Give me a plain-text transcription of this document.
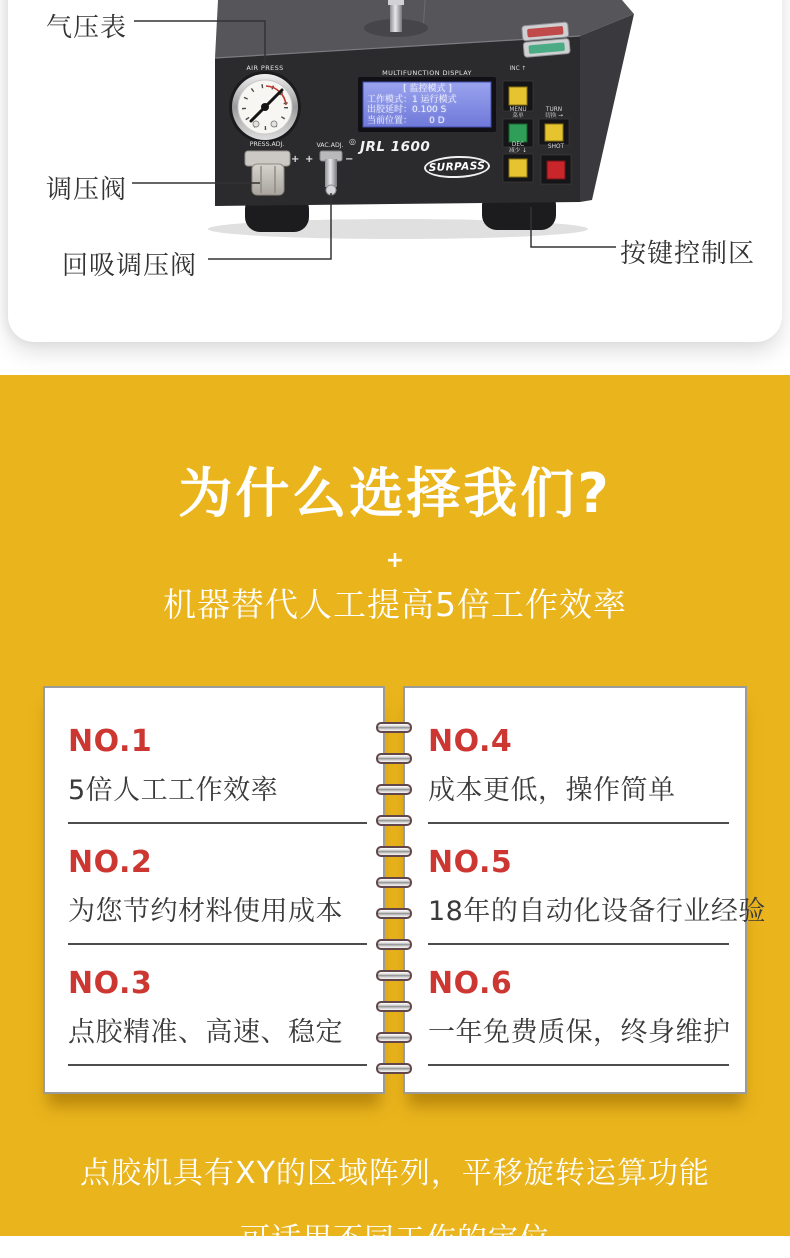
气压表
调压阀
回吸调压阀	按键控制区
AIR PRESS
MULTIFUNCTION DISPLAY
PRESS.ADJ.	VAC.ADJ.
+ +	−
[ 监控模式 ]
工作模式：1 运行模式
出胶延时：0.100 S
当前位置：      0 D
◎ JRL 1600
SURPASS
INC ↑
MENU
菜单
TURN
切换 →
DEC
减少 ↓
SHOT
为什么选择我们?
+
机器替代人工提高5倍工作效率
NO.1
5倍人工工作效率
NO.2
为您节约材料使用成本
NO.3
点胶精准、高速、稳定
NO.4
成本更低，操作简单
NO.5
18年的自动化设备行业经验
NO.6
一年免费质保，终身维护
点胶机具有XY的区域阵列，平移旋转运算功能
可适用不同工作的定位
